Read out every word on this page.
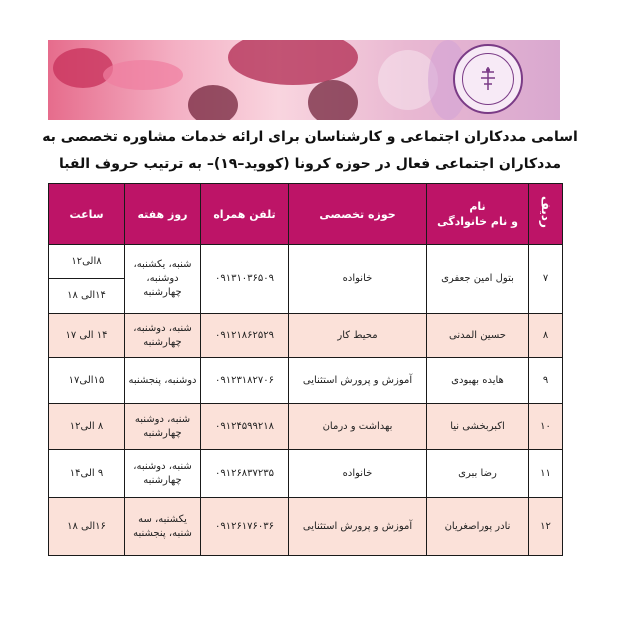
اسامی مددکاران اجتماعی و کارشناسان برای ارائه خدمات مشاوره تخصصی به
مددکاران اجتماعی فعال در حوزه کرونا (کووید–۱۹)– به ترتیب حروف الفبا
ردیف	نام
و نام خانوادگی	حوزه تخصصی	تلفن همراه	روز هفته	ساعت
۷	بتول امین جعفری	خانواده	۰۹۱۳۱۰۳۶۵۰۹	شنبه، یکشنبه، دوشنبه، چهارشنبه	۸الی۱۲
۱۴الی ۱۸

۸	حسین المدنی	محیط کار	۰۹۱۲۱۸۶۲۵۲۹	شنبه، دوشنبه، چهارشنبه	۱۴ الی ۱۷
۹	هایده بهبودی	آموزش و پرورش استثنایی	۰۹۱۲۳۱۸۲۷۰۶	دوشنبه، پنجشنبه	۱۵الی۱۷
۱۰	اکبربخشی نیا	بهداشت و درمان	۰۹۱۲۴۵۹۹۲۱۸	شنبه، دوشنبه چهارشنبه	۸ الی۱۲
۱۱	رضا ببری	خانواده	۰۹۱۲۶۸۳۷۲۳۵	شنبه، دوشنبه، چهارشنبه	۹ الی۱۴
۱۲	نادر پوراصغریان	آموزش و پرورش استثنایی	۰۹۱۲۶۱۷۶۰۳۶	یکشنبه، سه شنبه، پنجشنبه	۱۶الی ۱۸
